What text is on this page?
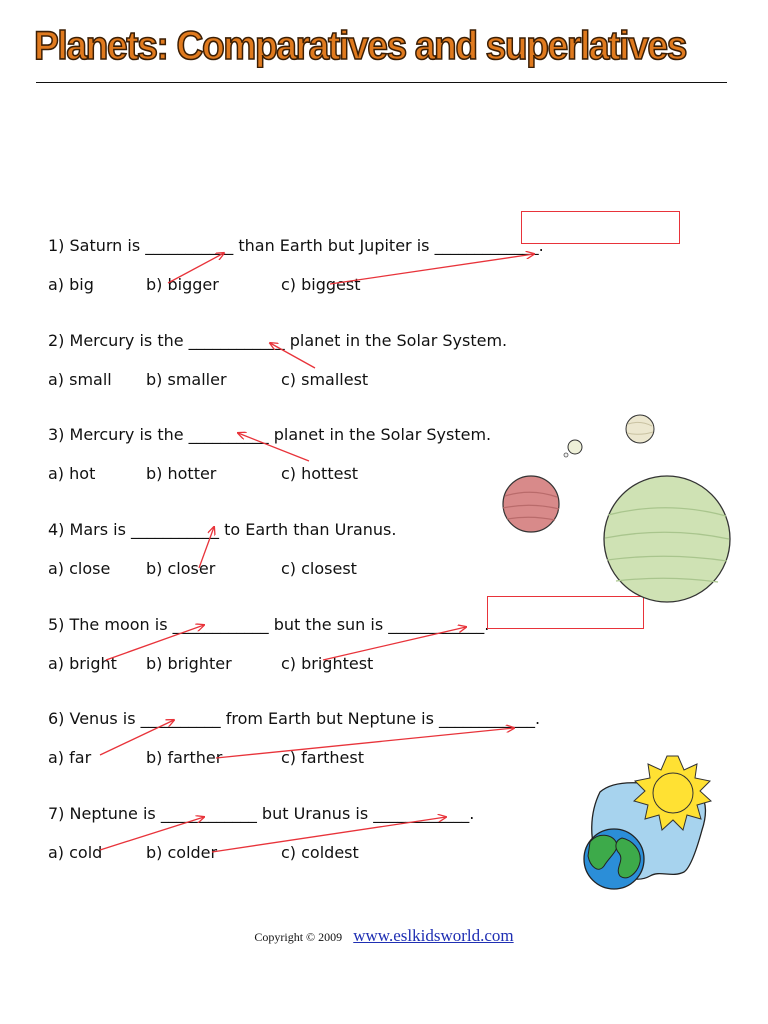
Planets: Comparatives and superlatives
1) Saturn is ___________ than Earth but Jupiter is _____________.
a) big	b) bigger	c) biggest
2) Mercury is the ____________ planet in the Solar System.
a) small b) smaller	c) smallest
3) Mercury is the __________ planet in the Solar System.
a) hot	b) hotter	c) hottest
4) Mars is ___________ to Earth than Uranus.
a) close b) closer	c) closest
5) The moon is ____________ but the sun is ____________.
a) bright b) brighter	c) brightest
6) Venus is __________ from Earth but Neptune is ____________.
a) far	b) farther	c) farthest
7) Neptune is ____________ but Uranus is ____________.
a) cold	b) colder	c) coldest
Copyright © 2009 www.eslkidsworld.com
